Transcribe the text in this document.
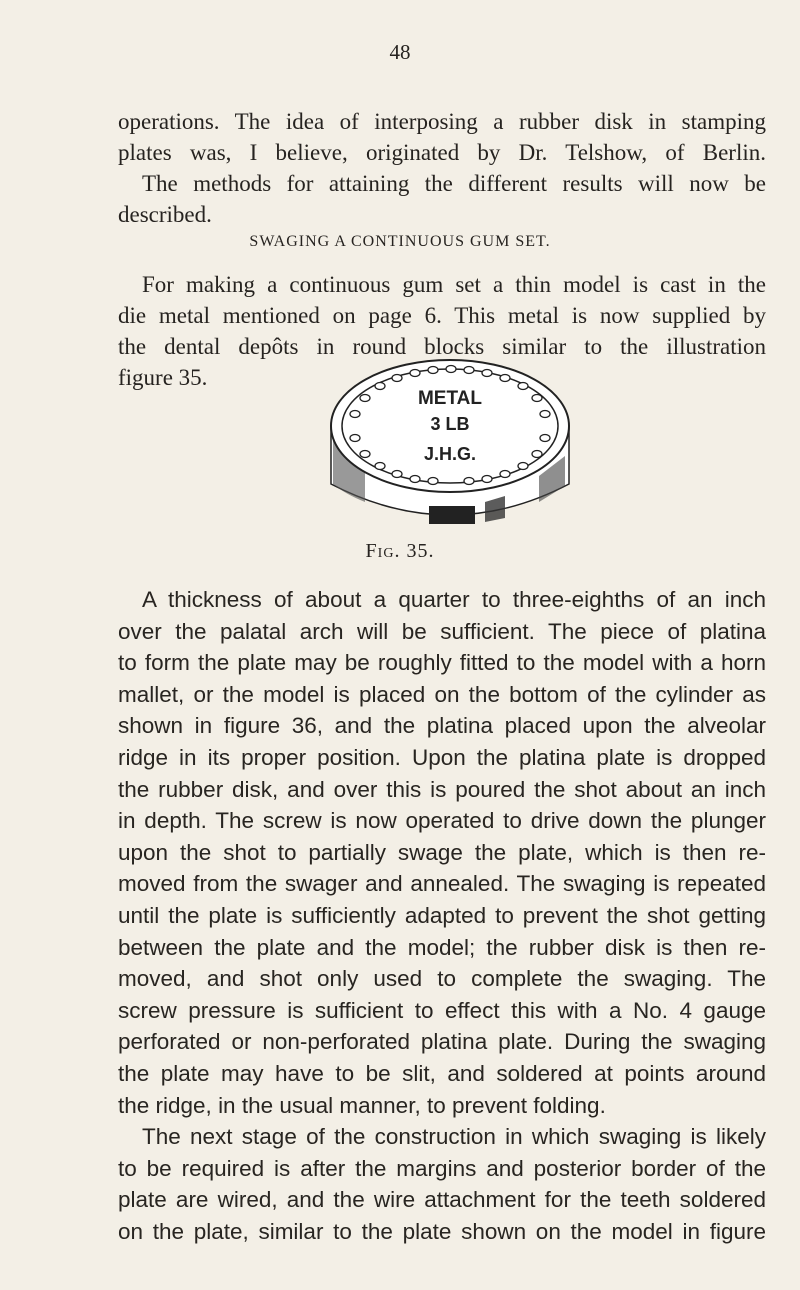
48

operations. The idea of interposing a rubber disk in stamping

plates was, I believe, originated by Dr. Telshow, of Berlin.

The methods for attaining the different results will now be

described.

SWAGING A CONTINUOUS GUM SET.

For making a continuous gum set a thin model is cast in the

die metal mentioned on page 6. This metal is now supplied by

the dental depôts in round blocks similar to the illustration

figure 35.

METAL
3 LB
J.H.G.
Fig. 35.

A thickness of about a quarter to three-eighths of an inch
over the palatal arch will be sufficient. The piece of platina
to form the plate may be roughly fitted to the model with a horn
mallet, or the model is placed on the bottom of the cylinder as
shown in figure 36, and the platina placed upon the alveolar
ridge in its proper position. Upon the platina plate is dropped
the rubber disk, and over this is poured the shot about an inch
in depth. The screw is now operated to drive down the plunger
upon the shot to partially swage the plate, which is then re-
moved from the swager and annealed. The swaging is repeated
until the plate is sufficiently adapted to prevent the shot getting
between the plate and the model; the rubber disk is then re-
moved, and shot only used to complete the swaging. The
screw pressure is sufficient to effect this with a No. 4 gauge
perforated or non-perforated platina plate. During the swaging
the plate may have to be slit, and soldered at points around
the ridge, in the usual manner, to prevent folding.

The next stage of the construction in which swaging is likely
to be required is after the margins and posterior border of the
plate are wired, and the wire attachment for the teeth soldered
on the plate, similar to the plate shown on the model in figure
